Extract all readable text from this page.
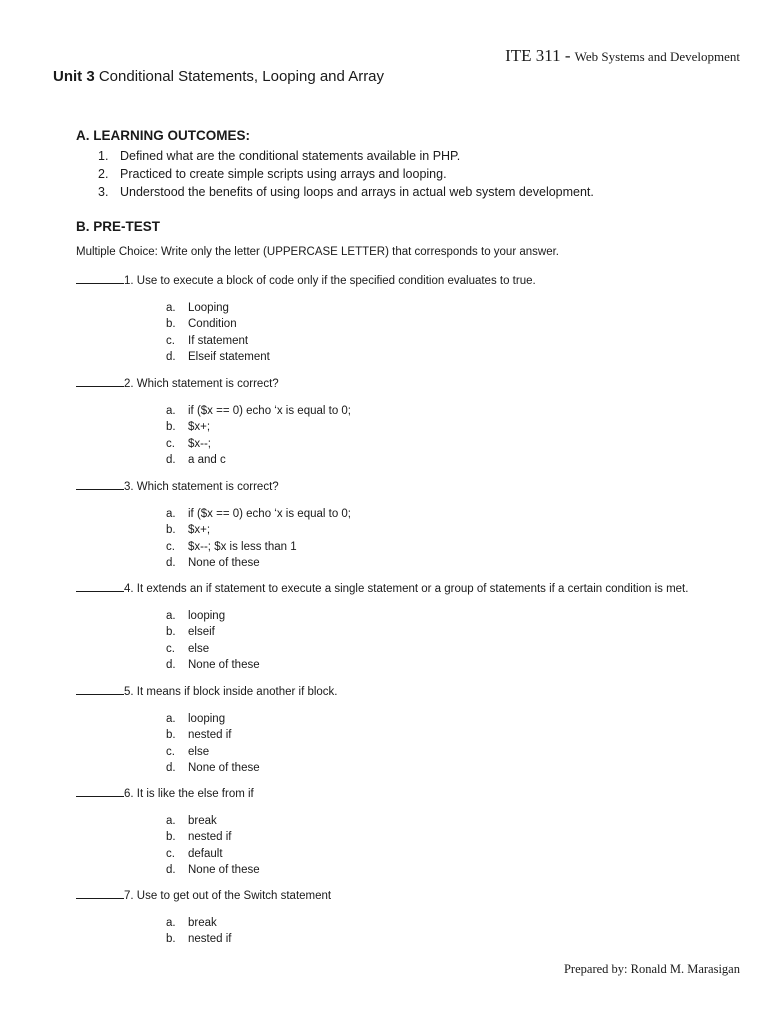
ITE 311 - Web Systems and Development
Unit 3 Conditional Statements, Looping and Array
A. LEARNING OUTCOMES:
1. Defined what are the conditional statements available in PHP.
2. Practiced to create simple scripts using arrays and looping.
3. Understood the benefits of using loops and arrays in actual web system development.
B. PRE-TEST
Multiple Choice: Write only the letter (UPPERCASE LETTER) that corresponds to your answer.
1. Use to execute a block of code only if the specified condition evaluates to true.
a. Looping
b. Condition
c. If statement
d. Elseif statement
2. Which statement is correct?
a. if ($x == 0) echo ‘x is equal to 0;
b. $x+;
c. $x--;
d. a and c
3. Which statement is correct?
a. if ($x == 0) echo ‘x is equal to 0;
b. $x+;
c. $x--; $x is less than 1
d. None of these
4. It extends an if statement to execute a single statement or a group of statements if a certain condition is met.
a. looping
b. elseif
c. else
d. None of these
5. It means if block inside another if block.
a. looping
b. nested if
c. else
d. None of these
6. It is like the else from if
a. break
b. nested if
c. default
d. None of these
7. Use to get out of the Switch statement
a. break
b. nested if
Prepared by: Ronald M. Marasigan
